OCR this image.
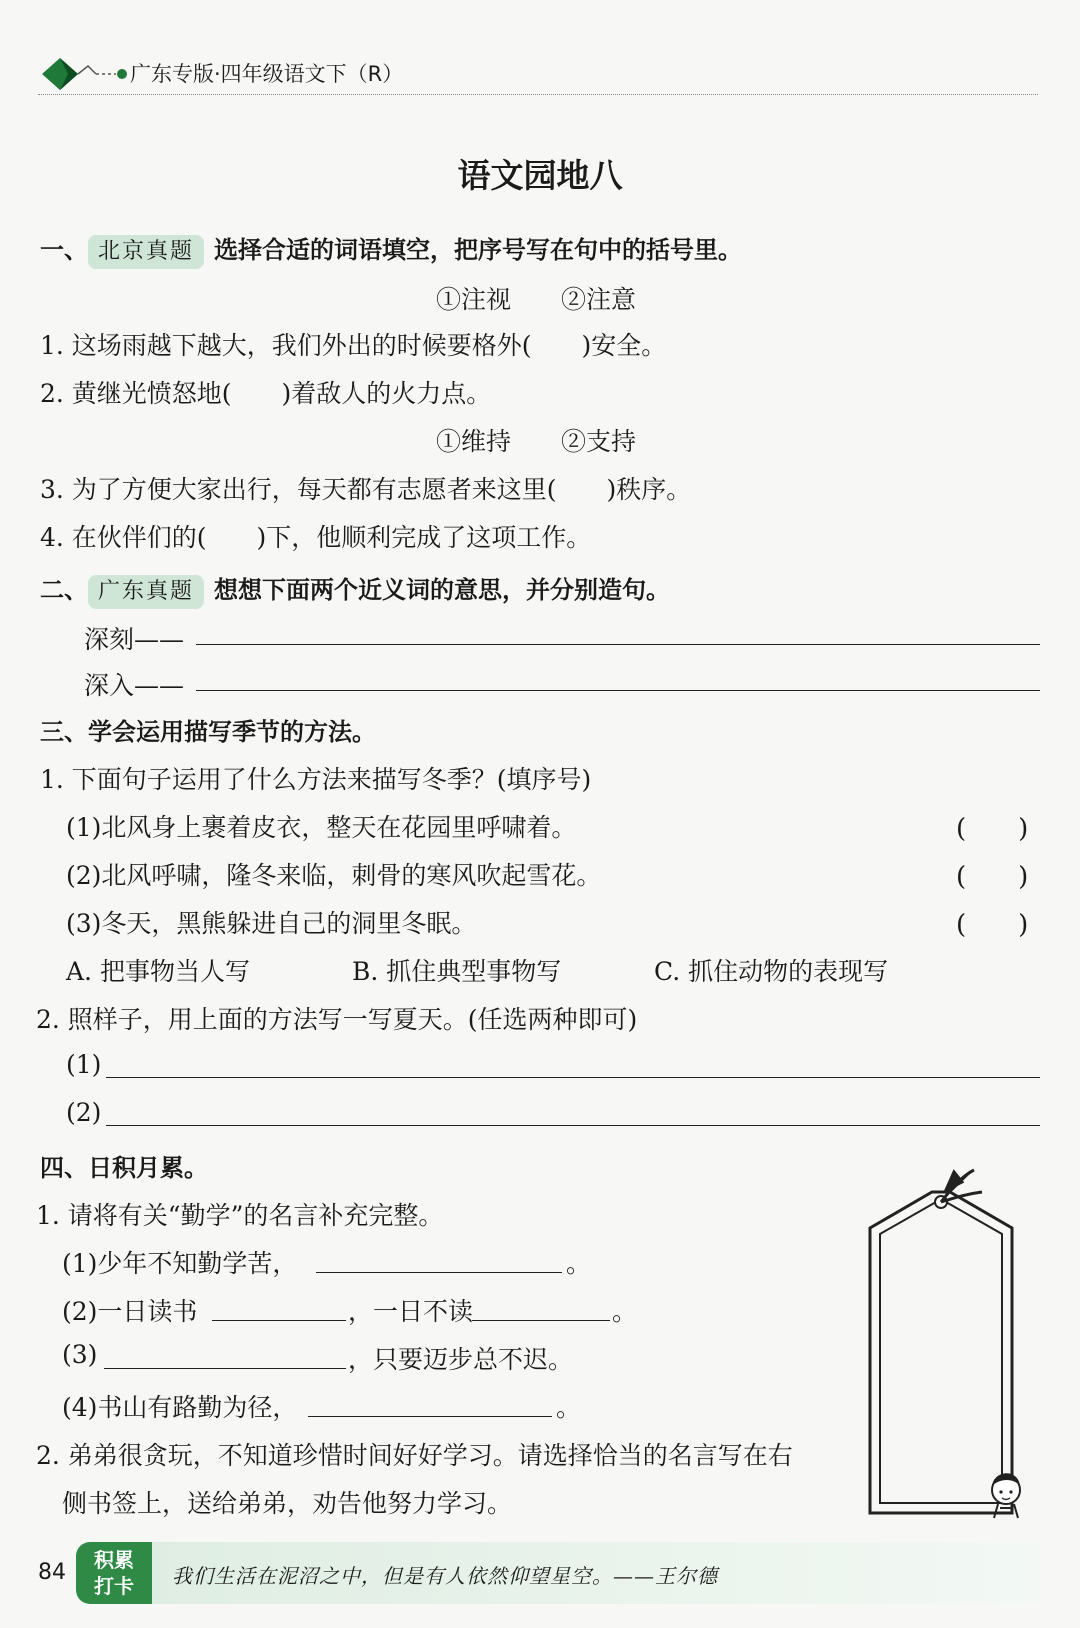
广东专版·四年级语文下（R）
语文园地八
一、 北京真题 选择合适的词语填空，把序号写在句中的括号里。
①注视　　②注意
1. 这场雨越下越大，我们外出的时候要格外(　　)安全。
2. 黄继光愤怒地(　　)着敌人的火力点。
①维持　　②支持
3. 为了方便大家出行，每天都有志愿者来这里(　　)秩序。
4. 在伙伴们的(　　)下，他顺利完成了这项工作。
二、 广东真题 想想下面两个近义词的意思，并分别造句。
深刻——
深入——
三、学会运用描写季节的方法。
1. 下面句子运用了什么方法来描写冬季？(填序号)
(1)北风身上裹着皮衣，整天在花园里呼啸着。	(　　)
(2)北风呼啸，隆冬来临，刺骨的寒风吹起雪花。	(　　)
(3)冬天，黑熊躲进自己的洞里冬眠。	(　　)
A. 把事物当人写	B. 抓住典型事物写	C. 抓住动物的表现写
2. 照样子，用上面的方法写一写夏天。(任选两种即可)
(1)
(2)
四、日积月累。
1. 请将有关“勤学”的名言补充完整。
(1)少年不知勤学苦，	。
(2)一日读书	，一日不读	。
(3)	，只要迈步总不迟。
(4)书山有路勤为径，	。
2. 弟弟很贪玩，不知道珍惜时间好好学习。请选择恰当的名言写在右
侧书签上，送给弟弟，劝告他努力学习。
84	积累
打卡	我们生活在泥沼之中，但是有人依然仰望星空。——王尔德
